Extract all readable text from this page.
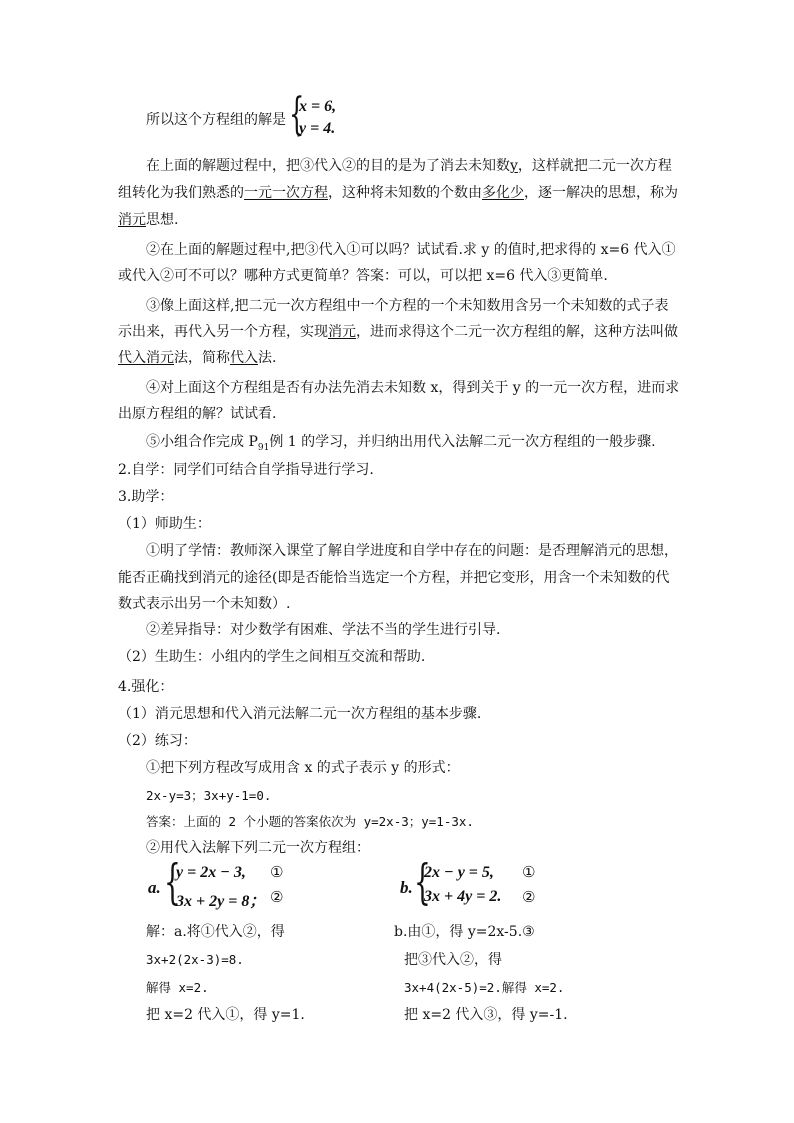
所以这个方程组的解是 {
x = 6,
y = 4.
在上面的解题过程中，把③代入②的目的是为了消去未知数y，这样就把二元一次方程
组转化为我们熟悉的一元一次方程，这种将未知数的个数由多化少，逐一解决的思想，称为
消元思想.
②在上面的解题过程中,把③代入①可以吗？试试看.求 y 的值时,把求得的 x=6 代入①
或代入②可不可以？哪种方式更简单？答案：可以，可以把 x=6 代入③更简单.
③像上面这样,把二元一次方程组中一个方程的一个未知数用含另一个未知数的式子表
示出来，再代入另一个方程，实现消元，进而求得这个二元一次方程组的解，这种方法叫做
代入消元法，简称代入法.
④对上面这个方程组是否有办法先消去未知数 x，得到关于 y 的一元一次方程，进而求
出原方程组的解？试试看.
⑤小组合作完成 $P_{91}$例 1 的学习，并归纳出用代入法解二元一次方程组的一般步骤.
2.自学：同学们可结合自学指导进行学习.
3.助学：
（1）师助生：
①明了学情：教师深入课堂了解自学进度和自学中存在的问题：是否理解消元的思想，
能否正确找到消元的途径(即是否能恰当选定一个方程，并把它变形，用含一个未知数的代
数式表示出另一个未知数）.
②差异指导：对少数学有困难、学法不当的学生进行引导.
（2）生助生：小组内的学生之间相互交流和帮助.
4.强化：
（1）消元思想和代入消元法解二元一次方程组的基本步骤.
（2）练习：
①把下列方程改写成用含 x 的式子表示 y 的形式：
2x-y=3；3x+y-1=0.
答案：上面的 2 个小题的答案依次为 y=2x-3；y=1-3x.
②用代入法解下列二元一次方程组：
a. {
y = 2x − 3,
3x + 2y = 8；
①
②	b. {
2x − y = 5,
3x + 4y = 2.
①
②
解：a.将①代入②，得
3x+2(2x-3)=8.
解得 x=2.
把 x=2 代入①，得 y=1.
b.由①，得 y=2x-5.③
把③代入②，得
3x+4(2x-5)=2.解得 x=2.
把 x=2 代入③，得 y=-1.
